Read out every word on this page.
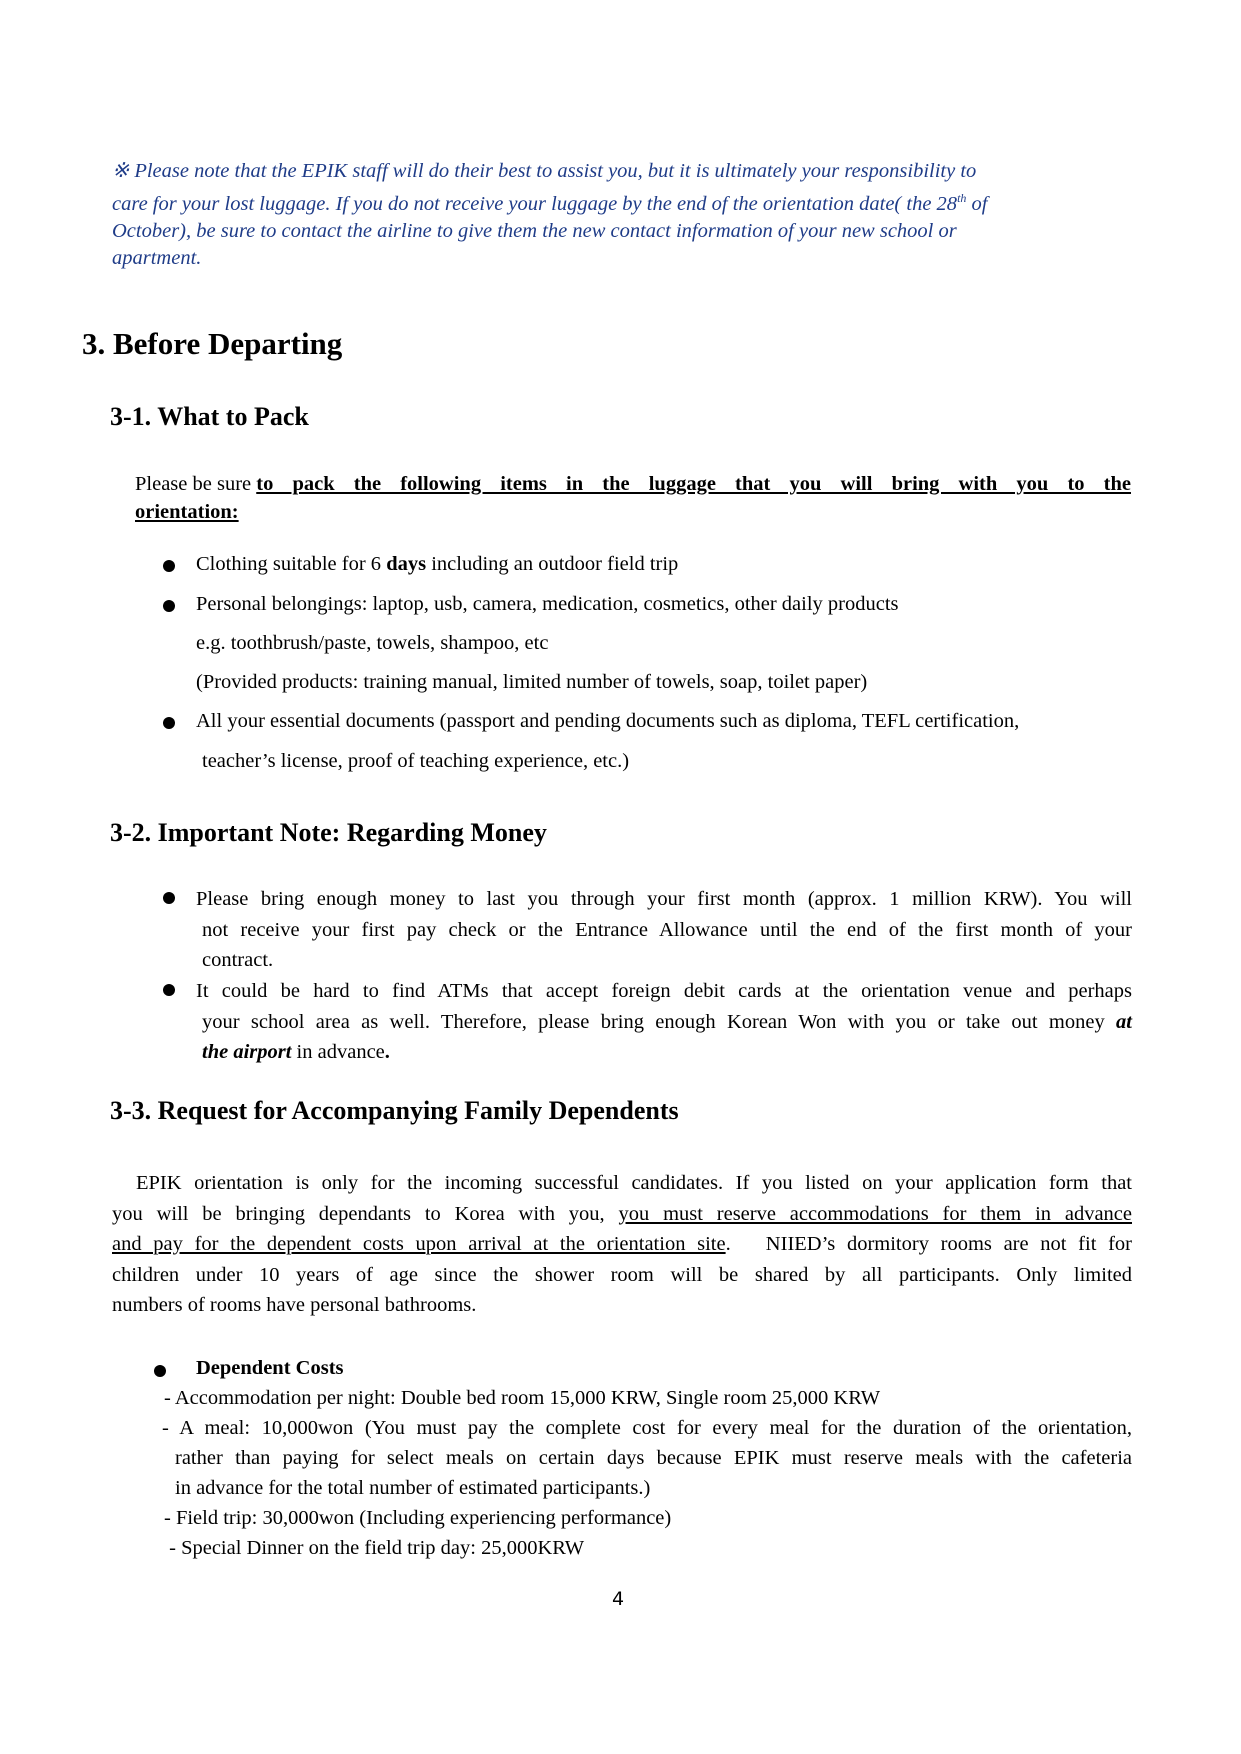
※ Please note that the EPIK staff will do their best to assist you, but it is ultimately your responsibility to
care for your lost luggage. If you do not receive your luggage by the end of the orientation date( the 28th of
October), be sure to contact the airline to give them the new contact information of your new school or
apartment.
3. Before Departing
3-1. What to Pack
Please be sure to pack the following items in the luggage that you will bring with you to the
orientation:
Clothing suitable for 6 days including an outdoor field trip
Personal belongings: laptop, usb, camera, medication, cosmetics, other daily products
e.g. toothbrush/paste, towels, shampoo, etc
(Provided products: training manual, limited number of towels, soap, toilet paper)
All your essential documents (passport and pending documents such as diploma, TEFL certification,
teacher’s license, proof of teaching experience, etc.)
3-2. Important Note: Regarding Money
Please bring enough money to last you through your first month (approx. 1 million KRW). You will
not receive your first pay check or the Entrance Allowance until the end of the first month of your
contract.
It could be hard to find ATMs that accept foreign debit cards at the orientation venue and perhaps
your school area as well. Therefore, please bring enough Korean Won with you or take out money at
the airport in advance.
3-3. Request for Accompanying Family Dependents
EPIK orientation is only for the incoming successful candidates. If you listed on your application form that
you will be bringing dependants to Korea with you, you must reserve accommodations for them in advance
and pay for the dependent costs upon arrival at the orientation site.   NIIED’s dormitory rooms are not fit for
children under 10 years of age since the shower room will be shared by all participants. Only limited
numbers of rooms have personal bathrooms.
Dependent Costs
- Accommodation per night: Double bed room 15,000 KRW, Single room 25,000 KRW
- A meal: 10,000won (You must pay the complete cost for every meal for the duration of the orientation,
rather than paying for select meals on certain days because EPIK must reserve meals with the cafeteria
in advance for the total number of estimated participants.)
- Field trip: 30,000won (Including experiencing performance)
- Special Dinner on the field trip day: 25,000KRW
4
